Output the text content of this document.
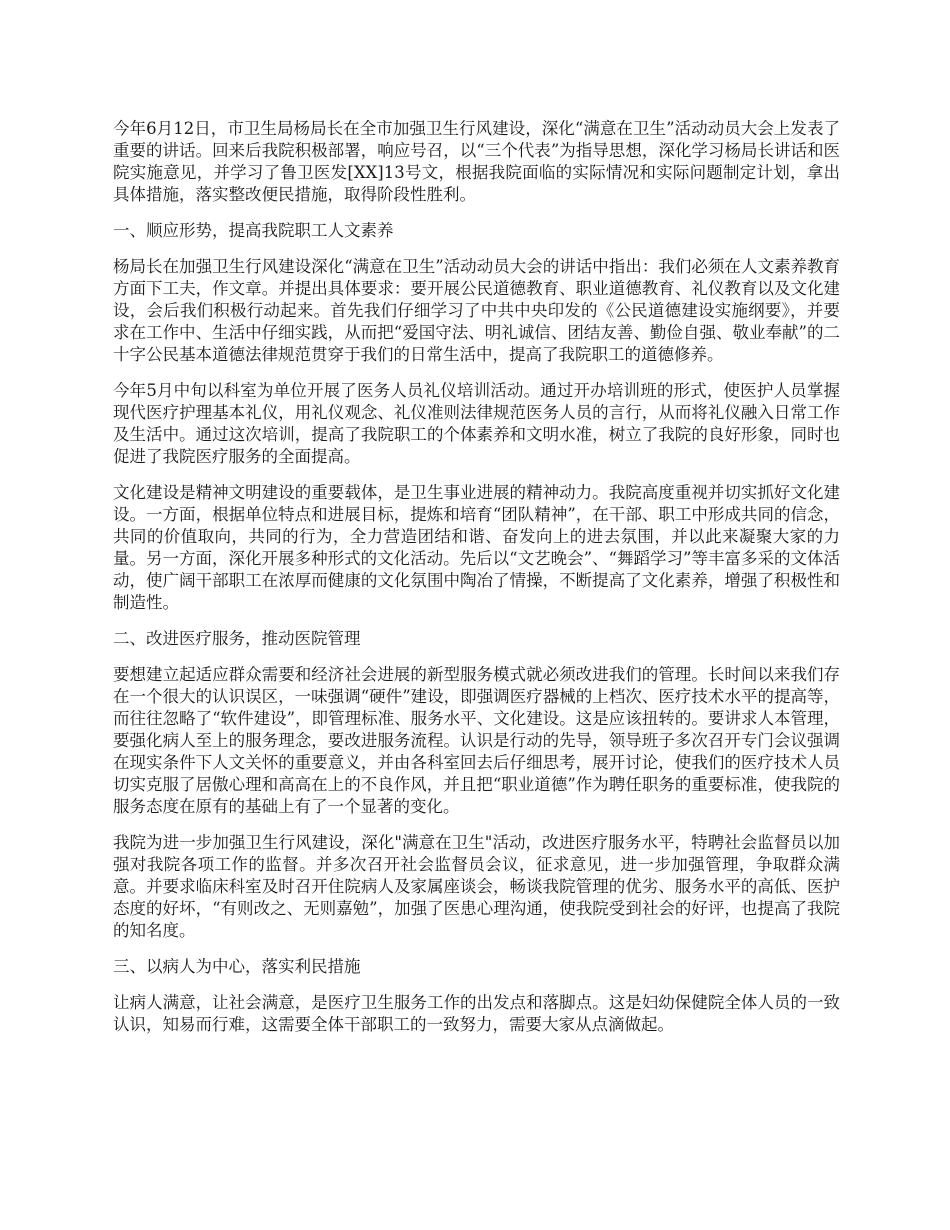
今年6月12日，市卫生局杨局长在全市加强卫生行风建设，深化“满意在卫生”活动动员大会上发表了重要的讲话。回来后我院积极部署，响应号召，以“三个代表”为指导思想，深化学习杨局长讲话和医院实施意见，并学习了鲁卫医发[XX]13号文，根据我院面临的实际情况和实际问题制定计划，拿出具体措施，落实整改便民措施，取得阶段性胜利。

一、顺应形势，提高我院职工人文素养

杨局长在加强卫生行风建设深化“满意在卫生”活动动员大会的讲话中指出：我们必须在人文素养教育方面下工夫，作文章。并提出具体要求：要开展公民道德教育、职业道德教育、礼仪教育以及文化建设，会后我们积极行动起来。首先我们仔细学习了中共中央印发的《公民道德建设实施纲要》，并要求在工作中、生活中仔细实践，从而把“爱国守法、明礼诚信、团结友善、勤俭自强、敬业奉献”的二十字公民基本道德法律规范贯穿于我们的日常生活中，提高了我院职工的道德修养。

今年5月中旬以科室为单位开展了医务人员礼仪培训活动。通过开办培训班的形式，使医护人员掌握现代医疗护理基本礼仪，用礼仪观念、礼仪准则法律规范医务人员的言行，从而将礼仪融入日常工作及生活中。通过这次培训，提高了我院职工的个体素养和文明水准，树立了我院的良好形象，同时也促进了我院医疗服务的全面提高。

文化建设是精神文明建设的重要载体，是卫生事业进展的精神动力。我院高度重视并切实抓好文化建设。一方面，根据单位特点和进展目标，提炼和培育“团队精神”，在干部、职工中形成共同的信念，共同的价值取向，共同的行为，全力营造团结和谐、奋发向上的进去氛围，并以此来凝聚大家的力量。另一方面，深化开展多种形式的文化活动。先后以“文艺晚会”、“舞蹈学习”等丰富多采的文体活动，使广阔干部职工在浓厚而健康的文化氛围中陶冶了情操，不断提高了文化素养，增强了积极性和制造性。

二、改进医疗服务，推动医院管理

要想建立起适应群众需要和经济社会进展的新型服务模式就必须改进我们的管理。长时间以来我们存在一个很大的认识误区，一味强调“硬件”建设，即强调医疗器械的上档次、医疗技术水平的提高等，而往往忽略了“软件建设”，即管理标准、服务水平、文化建设。这是应该扭转的。要讲求人本管理，要强化病人至上的服务理念，要改进服务流程。认识是行动的先导，领导班子多次召开专门会议强调在现实条件下人文关怀的重要意义，并由各科室回去后仔细思考，展开讨论，使我们的医疗技术人员切实克服了居傲心理和高高在上的不良作风，并且把“职业道德”作为聘任职务的重要标准，使我院的服务态度在原有的基础上有了一个显著的变化。

我院为进一步加强卫生行风建设，深化"满意在卫生"活动，改进医疗服务水平，特聘社会监督员以加强对我院各项工作的监督。并多次召开社会监督员会议，征求意见，进一步加强管理，争取群众满意。并要求临床科室及时召开住院病人及家属座谈会，畅谈我院管理的优劣、服务水平的高低、医护态度的好坏，“有则改之、无则嘉勉”，加强了医患心理沟通，使我院受到社会的好评，也提高了我院的知名度。

三、以病人为中心，落实利民措施

让病人满意，让社会满意，是医疗卫生服务工作的出发点和落脚点。这是妇幼保健院全体人员的一致认识，知易而行难，这需要全体干部职工的一致努力，需要大家从点滴做起。
